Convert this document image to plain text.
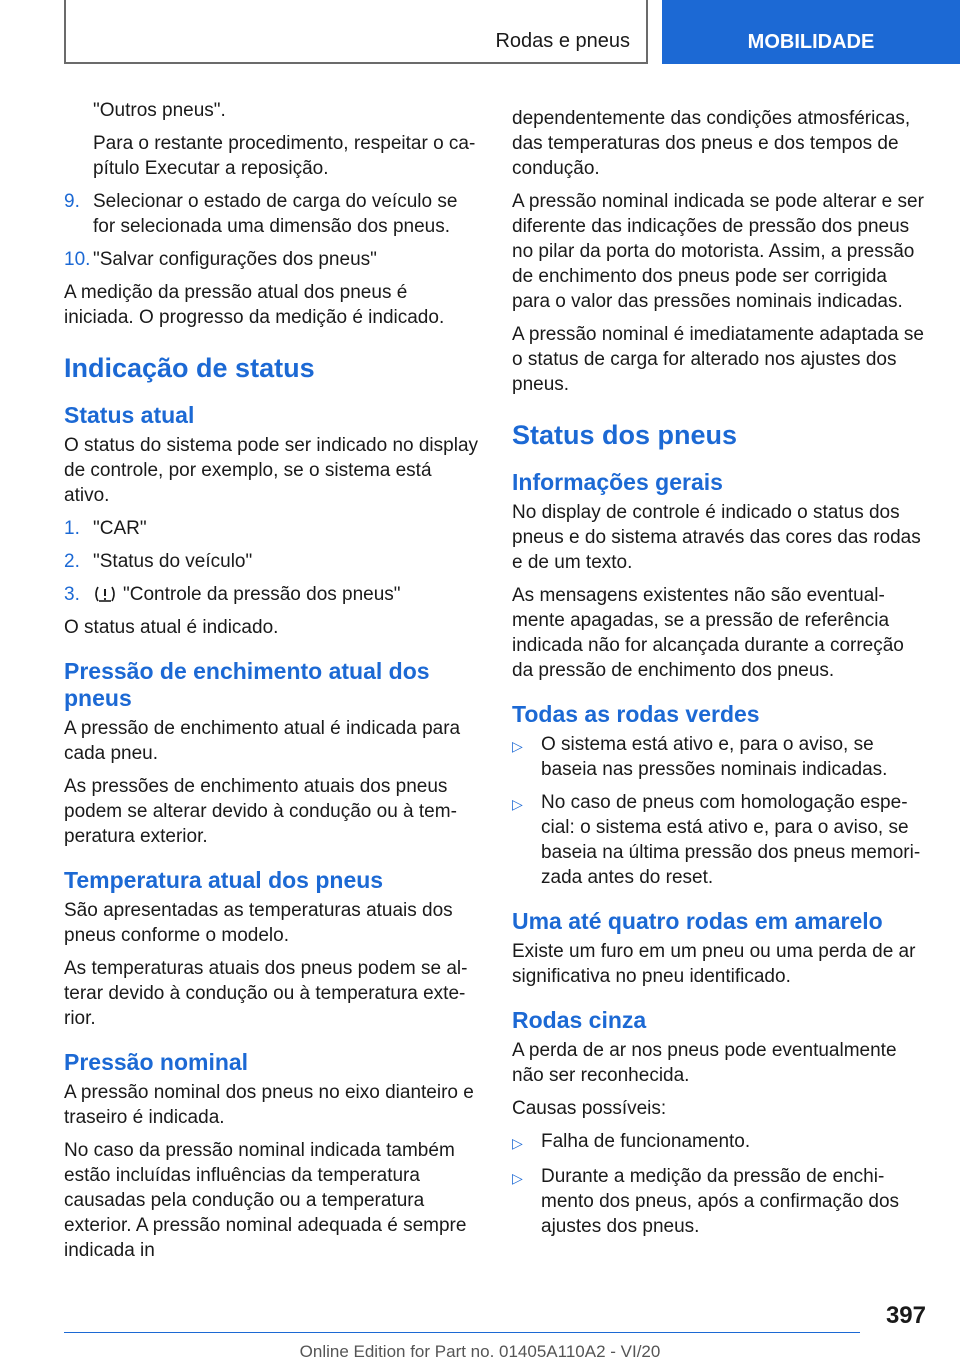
Rodas e pneus	MOBILIDADE

"Outros pneus".

Para o restante procedimento, respeitar o capítulo Executar a reposição.

9. Selecionar o estado de carga do veículo se for selecionada uma dimensão dos pneus.
10. "Salvar configurações dos pneus"

A medição da pressão atual dos pneus é iniciada. O progresso da medição é indicado.

Indicação de status
Status atual

O status do sistema pode ser indicado no display de controle, por exemplo, se o sistema está ativo.

1. "CAR"
2. "Status do veículo"
3.	"Controle da pressão dos pneus"

O status atual é indicado.

Pressão de enchimento atual dos pneus

A pressão de enchimento atual é indicada para cada pneu.

As pressões de enchimento atuais dos pneus podem se alterar devido à condução ou à temperatura exterior.

Temperatura atual dos pneus

São apresentadas as temperaturas atuais dos pneus conforme o modelo.

As temperaturas atuais dos pneus podem se alterar devido à condução ou à temperatura exterior.

Pressão nominal

A pressão nominal dos pneus no eixo dianteiro e traseiro é indicada.

No caso da pressão nominal indicada também estão incluídas influências da temperatura causadas pela condução ou a temperatura exterior. A pressão nominal adequada é sempre indicada in

dependentemente das condições atmosféricas, das temperaturas dos pneus e dos tempos de condução.

A pressão nominal indicada se pode alterar e ser diferente das indicações de pressão dos pneus no pilar da porta do motorista. Assim, a pressão de enchimento dos pneus pode ser corrigida para o valor das pressões nominais indicadas.

A pressão nominal é imediatamente adaptada se o status de carga for alterado nos ajustes dos pneus.

Status dos pneus
Informações gerais

No display de controle é indicado o status dos pneus e do sistema através das cores das rodas e de um texto.

As mensagens existentes não são eventualmente apagadas, se a pressão de referência indicada não for alcançada durante a correção da pressão de enchimento dos pneus.

Todas as rodas verdes
▷ O sistema está ativo e, para o aviso, se baseia nas pressões nominais indicadas.
▷ No caso de pneus com homologação especial: o sistema está ativo e, para o aviso, se baseia na última pressão dos pneus memorizada antes do reset.
Uma até quatro rodas em amarelo

Existe um furo em um pneu ou uma perda de ar significativa no pneu identificado.

Rodas cinza

A perda de ar nos pneus pode eventualmente não ser reconhecida.

Causas possíveis:

▷ Falha de funcionamento.
▷ Durante a medição da pressão de enchimento dos pneus, após a confirmação dos ajustes dos pneus.
397
Online Edition for Part no. 01405A110A2 - VI/20
